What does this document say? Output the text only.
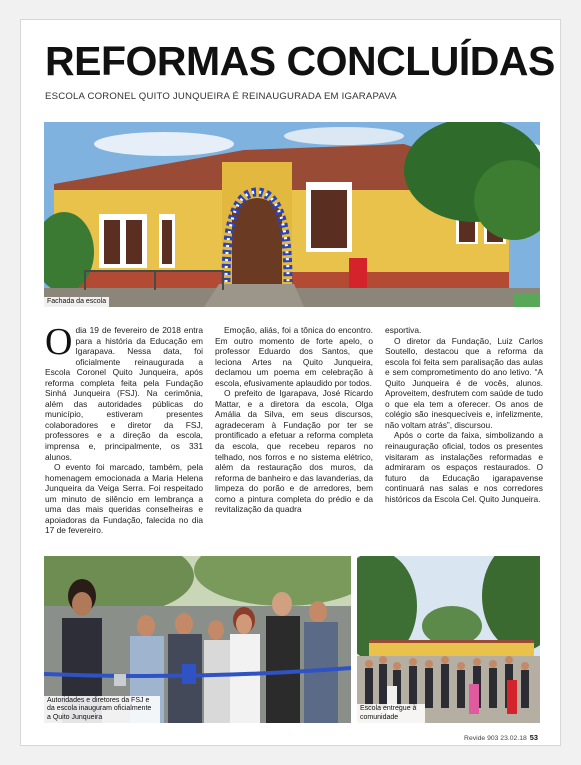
REFORMAS CONCLUÍDAS
ESCOLA CORONEL QUITO JUNQUEIRA É REINAUGURADA EM IGARAPAVA
Fachada da escola

Odia 19 de fevereiro de 2018 entra para a história da Educação em Igarapava. Nessa data, foi oficialmente reinaugurada a Escola Coronel Quito Junqueira, após reforma completa feita pela Fundação Sinhá Junqueira (FSJ). Na cerimônia, além das autoridades públicas do município, estiveram presentes colaboradores e diretor da FSJ, professores e a direção da escola, imprensa e, principalmente, os 331 alunos.

O evento foi marcado, também, pela homenagem emocionada a Maria Helena Junqueira da Veiga Serra. Foi respeitado um minuto de silêncio em lembrança a uma das mais queridas conselheiras e apoiadoras da Fundação, falecida no dia 17 de fevereiro.

Emoção, aliás, foi a tônica do encontro. Em outro momento de forte apelo, o professor Eduardo dos Santos, que leciona Artes na Quito Junqueira, declamou um poema em celebração à escola, efusivamente aplaudido por todos.

O prefeito de Igarapava, José Ricardo Mattar, e a diretora da escola, Olga Amália da Silva, em seus discursos, agradeceram à Fundação por ter se prontificado a efetuar a reforma completa da escola, que recebeu reparos no telhado, nos forros e no sistema elétrico, além da restauração dos muros, da reforma de banheiro e das lavanderias, da limpeza do porão e de arredores, bem como a pintura completa do prédio e da revitalização da quadra

esportiva.

O diretor da Fundação, Luiz Carlos Soutello, destacou que a reforma da escola foi feita sem paralisação das aulas e sem comprometimento do ano letivo. “A Quito Junqueira é de vocês, alunos. Aproveitem, desfrutem com saúde de tudo o que ela tem a oferecer. Os anos de colégio são inesquecíveis e, infelizmente, não voltam atrás”, discursou.

Após o corte da faixa, simbolizando a reinauguração oficial, todos os presentes visitaram as instalações reformadas e admiraram os espaços restaurados. O futuro da Educação igarapavense continuará nas salas e nos corredores históricos da Escola Cel. Quito Junqueira.

Autoridades e diretores da FSJ e da escola inauguram oficialmente a Quito Junqueira
Escola entregue à comunidade
Revide 903 23.02.18 53
